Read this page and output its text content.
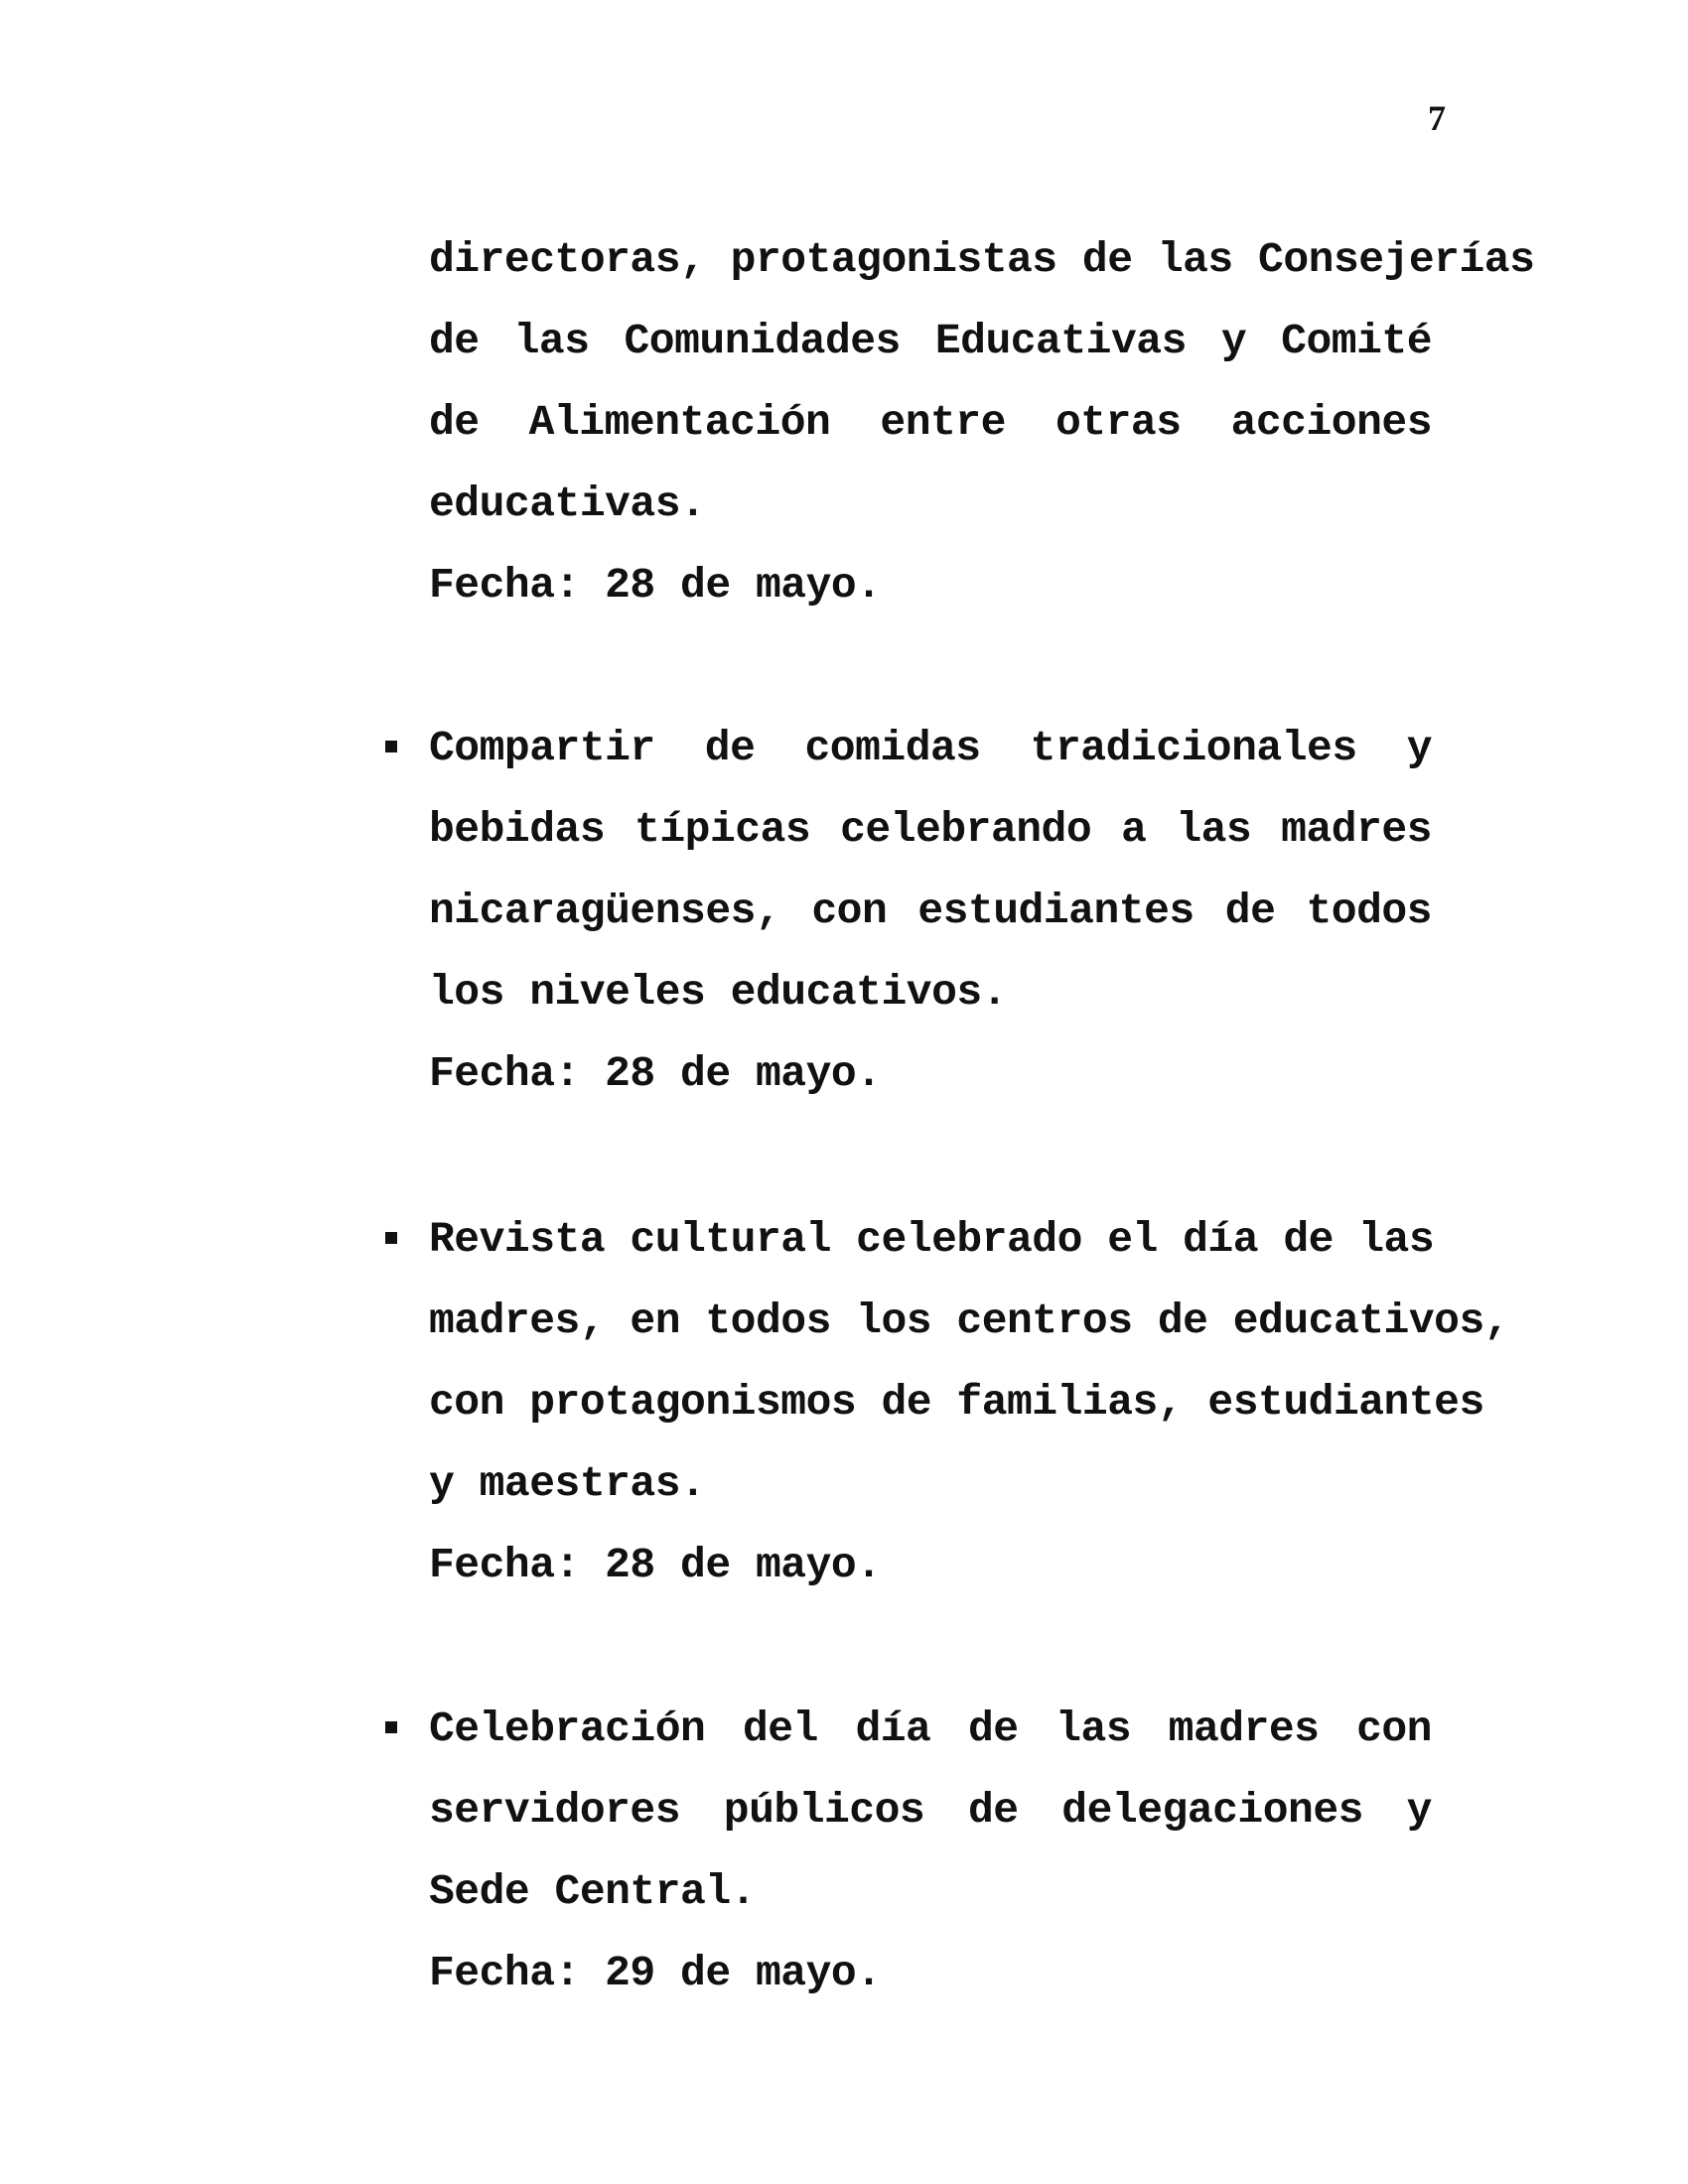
7
directoras, protagonistas de las Consejerías
de las Comunidades Educativas y Comité
de Alimentación entre otras acciones
educativas.
Fecha: 28 de mayo.
Compartir de comidas tradicionales y
bebidas típicas celebrando a las madres
nicaragüenses, con estudiantes de todos
los niveles educativos.
Fecha: 28 de mayo.
Revista cultural celebrado el día de las
madres, en todos los centros de educativos,
con protagonismos de familias, estudiantes
y maestras.
Fecha: 28 de mayo.
Celebración del día de las madres con
servidores públicos de delegaciones y
Sede Central.
Fecha: 29 de mayo.
